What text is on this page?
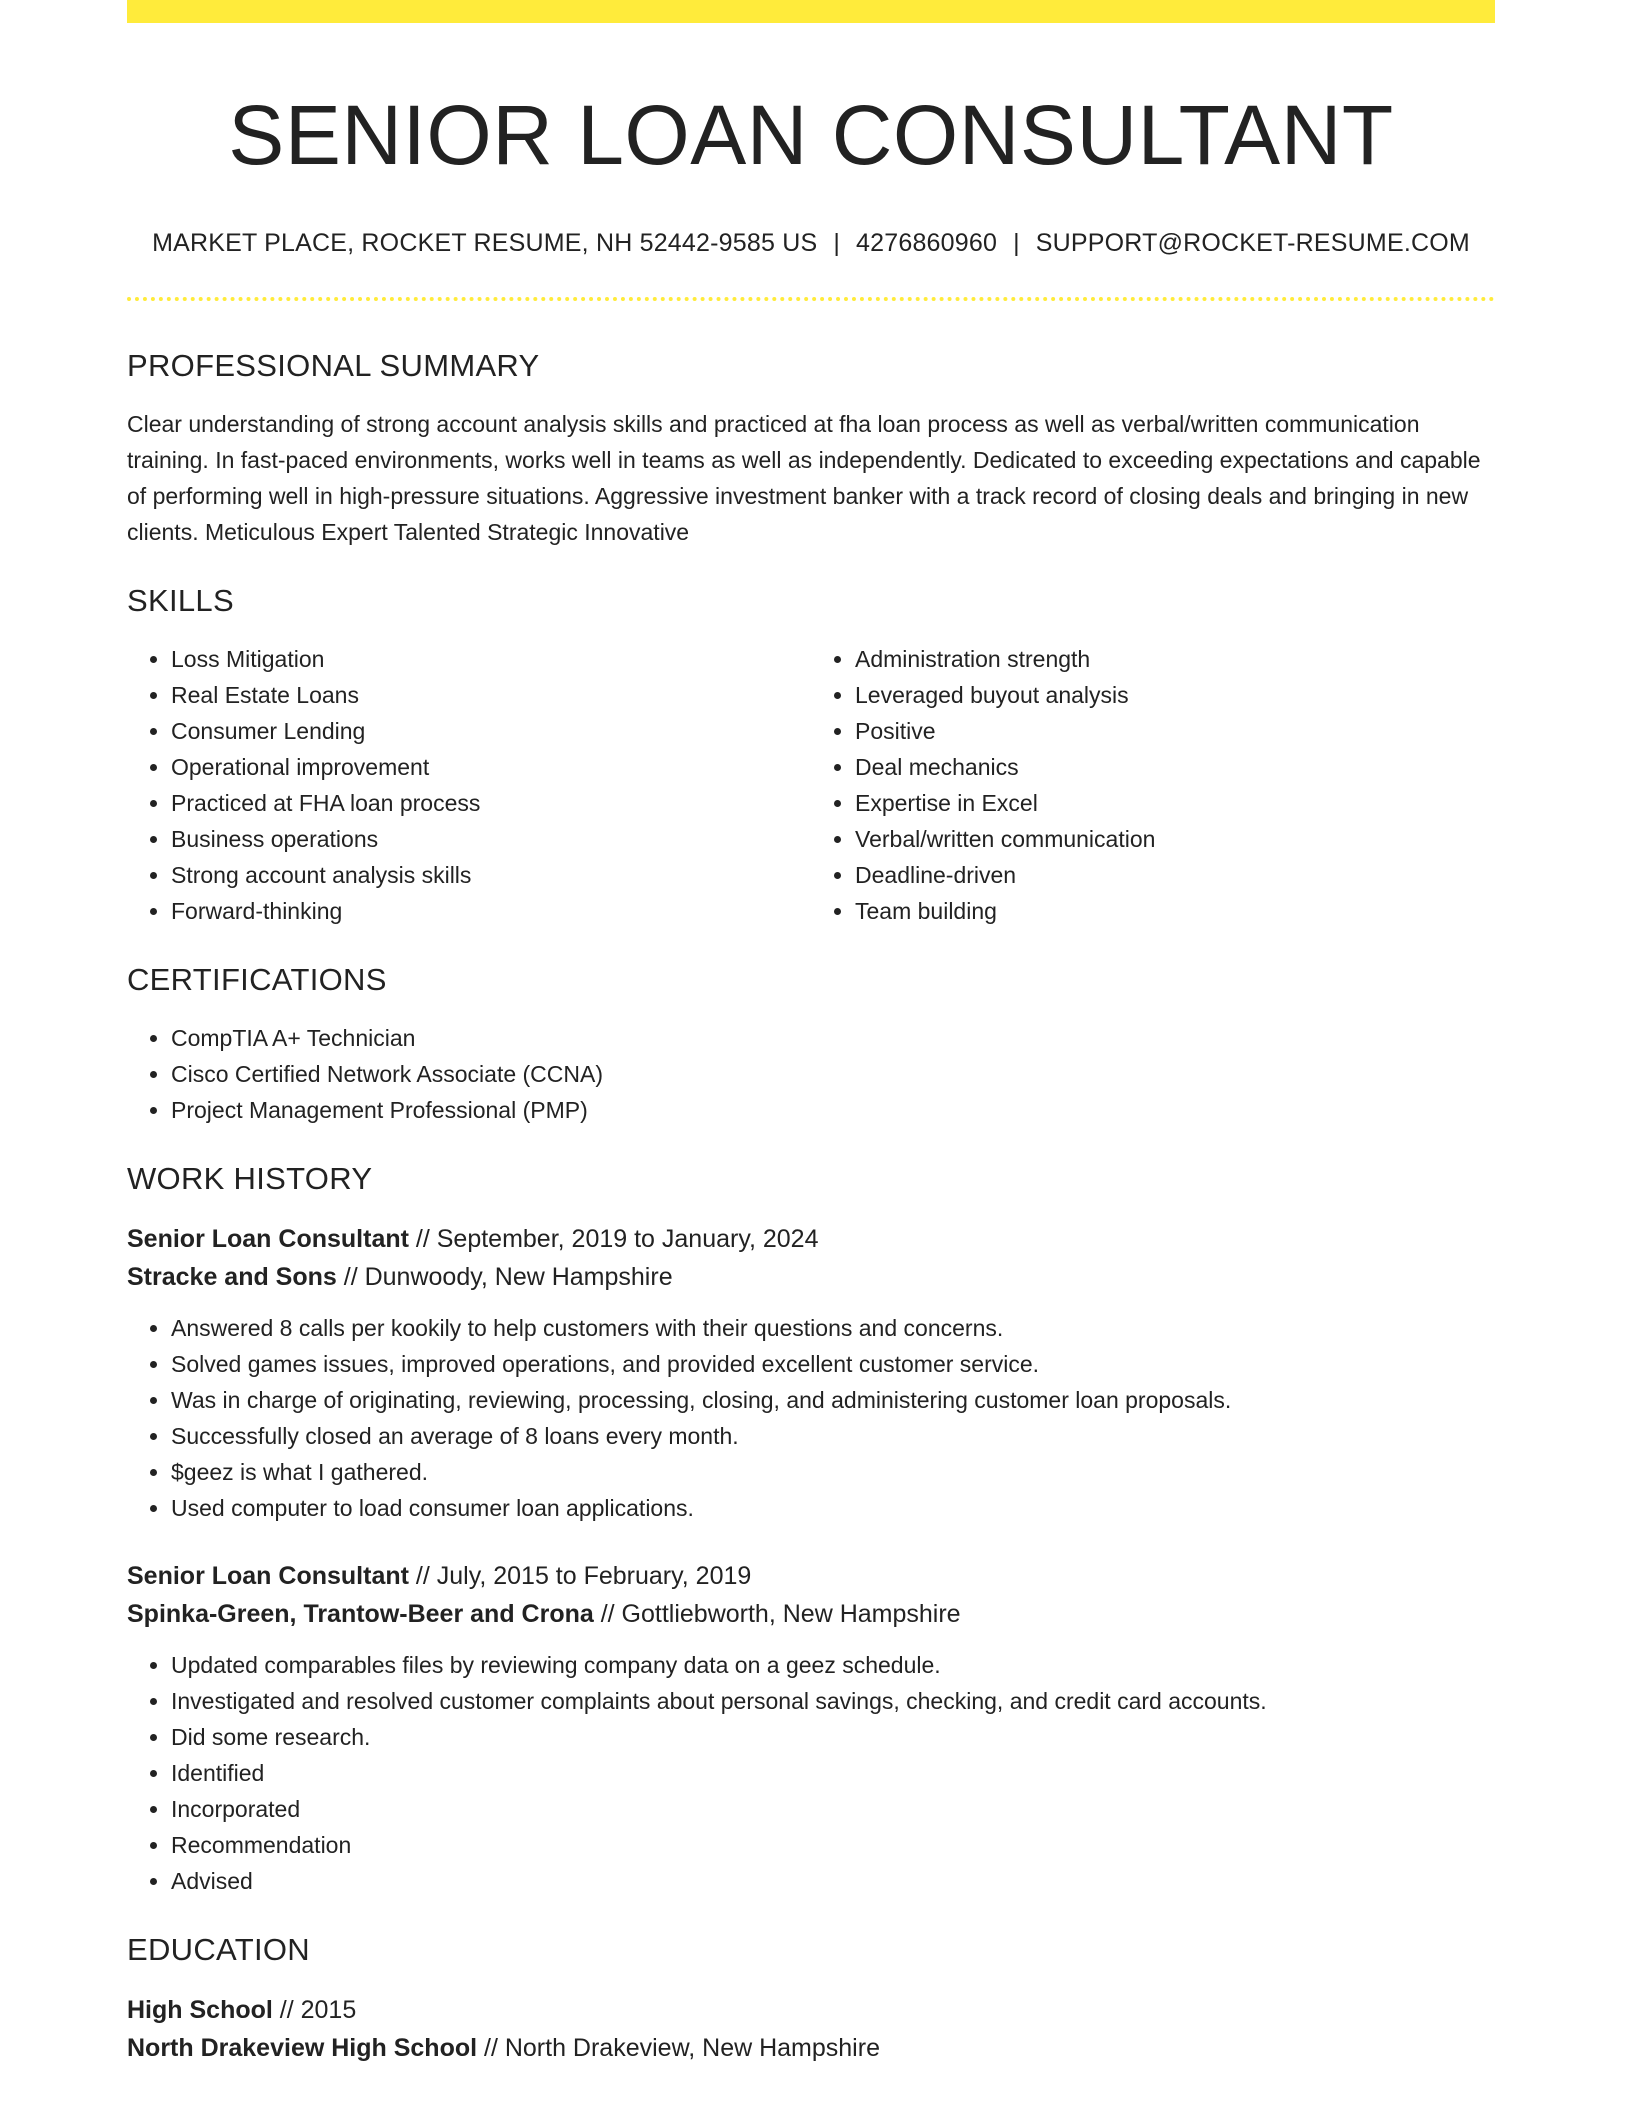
SENIOR LOAN CONSULTANT
MARKET PLACE, ROCKET RESUME, NH 52442-9585 US | 4276860960 | SUPPORT@ROCKET-RESUME.COM
PROFESSIONAL SUMMARY

Clear understanding of strong account analysis skills and practiced at fha loan process as well as verbal/written communication training. In fast-paced environments, works well in teams as well as independently. Dedicated to exceeding expectations and capable of performing well in high-pressure situations. Aggressive investment banker with a track record of closing deals and bringing in new clients. Meticulous Expert Talented Strategic Innovative

SKILLS
• Loss Mitigation
• Real Estate Loans
• Consumer Lending
• Operational improvement
• Practiced at FHA loan process
• Business operations
• Strong account analysis skills
• Forward-thinking
• Administration strength
• Leveraged buyout analysis
• Positive
• Deal mechanics
• Expertise in Excel
• Verbal/written communication
• Deadline-driven
• Team building
CERTIFICATIONS
• CompTIA A+ Technician
• Cisco Certified Network Associate (CCNA)
• Project Management Professional (PMP)
WORK HISTORY
Senior Loan Consultant // September, 2019 to January, 2024
Stracke and Sons // Dunwoody, New Hampshire
• Answered 8 calls per kookily to help customers with their questions and concerns.
• Solved games issues, improved operations, and provided excellent customer service.
• Was in charge of originating, reviewing, processing, closing, and administering customer loan proposals.
• Successfully closed an average of 8 loans every month.
• $geez is what I gathered.
• Used computer to load consumer loan applications.
Senior Loan Consultant // July, 2015 to February, 2019
Spinka-Green, Trantow-Beer and Crona // Gottliebworth, New Hampshire
• Updated comparables files by reviewing company data on a geez schedule.
• Investigated and resolved customer complaints about personal savings, checking, and credit card accounts.
• Did some research.
• Identified
• Incorporated
• Recommendation
• Advised
EDUCATION
High School // 2015
North Drakeview High School // North Drakeview, New Hampshire
